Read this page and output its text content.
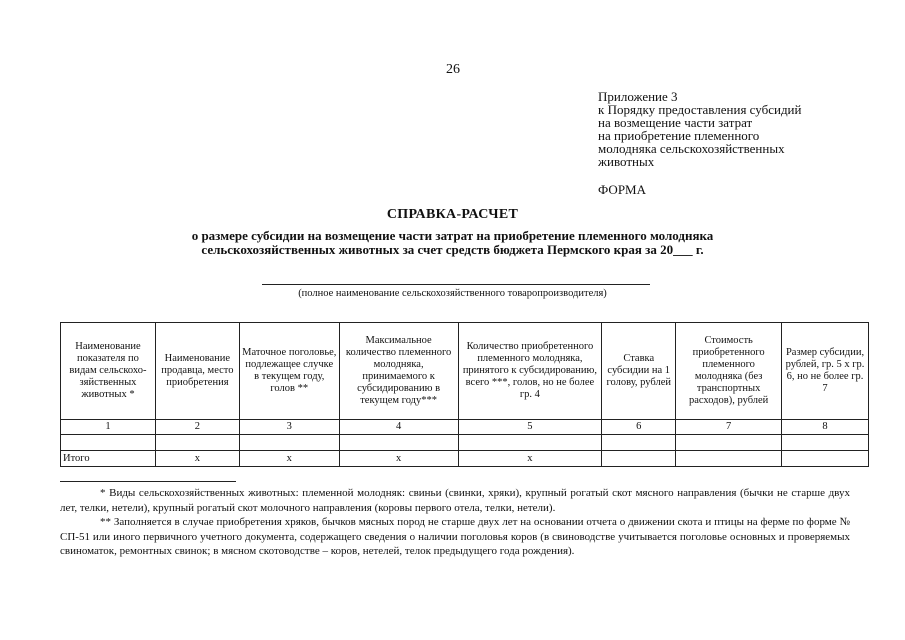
26
Приложение 3
к Порядку предоставления субсидий
на возмещение части затрат
на приобретение племенного
молодняка сельскохозяйственных
животных
ФОРМА
СПРАВКА-РАСЧЕТ
о размере субсидии на возмещение части затрат на приобретение племенного молодняка
сельскохозяйственных животных за счет средств бюджета Пермского края за 20___ г.
(полное наименование сельскохозяйственного товаропроизводителя)
Наименование показателя по видам сельскохо-зяйственных животных *	Наименование продавца, место приобретения	Маточное поголовье, подлежащее случке в текущем году, голов **	Максимальное количество племенного молодняка, принимаемого к субсидированию в текущем году***	Количество приобретенного племенного молодняка, принятого к субсидированию, всего ***, голов, но не более гр. 4	Ставка субсидии на 1 голову, рублей	Стоимость приобретенного племенного молодняка (без транспортных расходов), рублей	Размер субсидии, рублей, гр. 5 х гр. 6, но не более гр. 7
1	2	3	4	5	6	7	8

Итого	x	x	x	x			

* Виды сельскохозяйственных животных: племенной молодняк: свиньи (свинки, хряки), крупный рогатый скот мясного направления (бычки не старше двух лет, телки, нетели), крупный рогатый скот молочного направления (коровы первого отела, телки, нетели).

** Заполняется в случае приобретения хряков, бычков мясных пород не старше двух лет на основании отчета о движении скота и птицы на ферме по форме № СП-51 или иного первичного учетного документа, содержащего сведения о наличии поголовья коров (в свиноводстве учитывается поголовье основных и проверяемых свиноматок, ремонтных свинок; в мясном скотоводстве – коров, нетелей, телок предыдущего года рождения).
